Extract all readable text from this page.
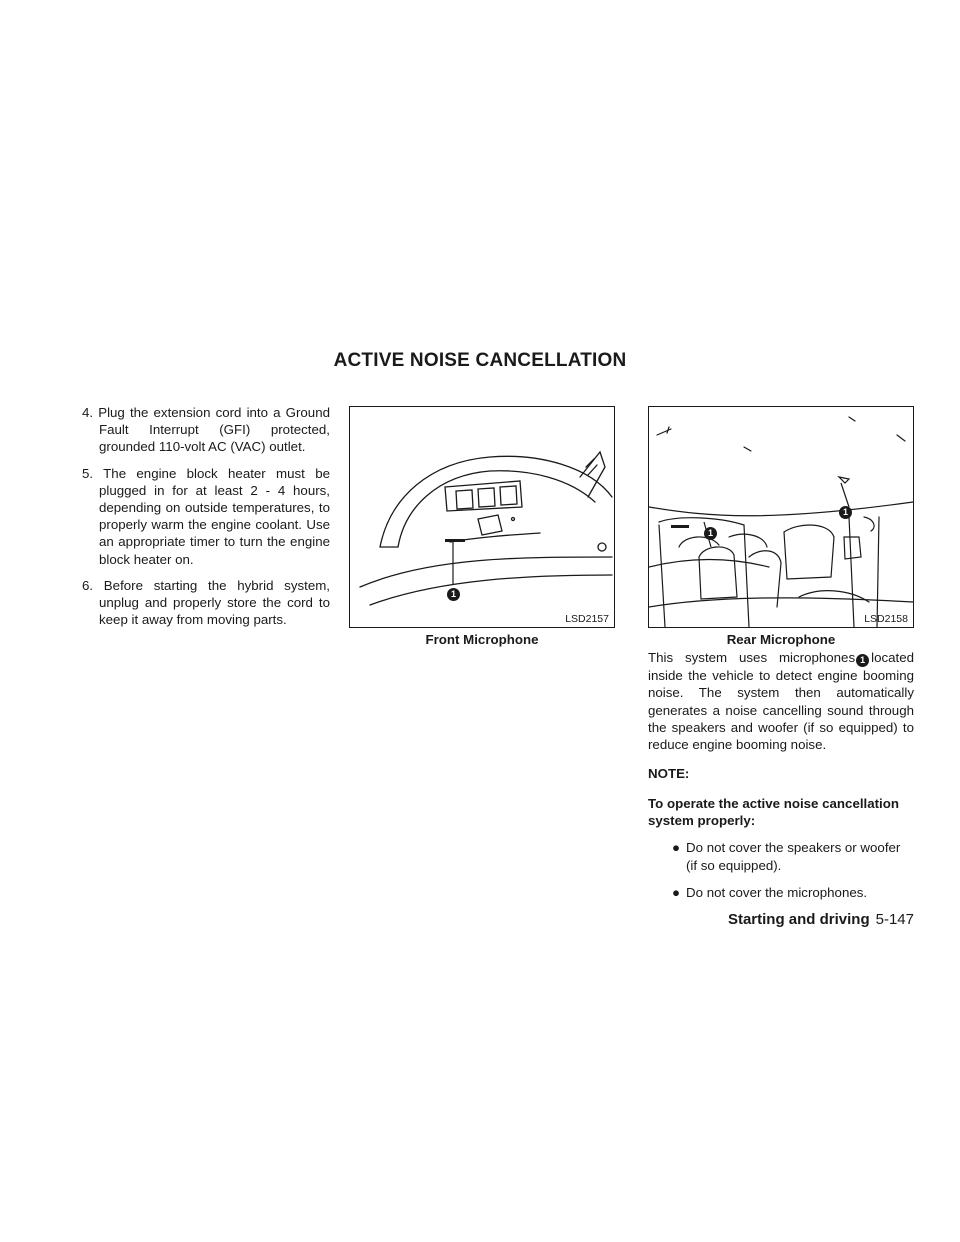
ACTIVE NOISE CANCELLATION

4. Plug the extension cord into a Ground Fault Interrupt (GFI) protected, grounded 110-volt AC (VAC) outlet.

5. The engine block heater must be plugged in for at least 2 - 4 hours, depending on outside temperatures, to properly warm the engine coolant. Use an appropriate timer to turn the engine block heater on.

6. Before starting the hybrid system, unplug and properly store the cord to keep it away from moving parts.

1
LSD2157
Front Microphone
1
1
LSD2158
Rear Microphone

This system uses microphones 1 located inside the vehicle to detect engine booming noise. The system then automatically generates a noise cancelling sound through the speakers and woofer (if so equipped) to reduce engine booming noise.

NOTE:

To operate the active noise cancellation system properly:

● Do not cover the speakers or woofer (if so equipped).

● Do not cover the microphones.

Starting and driving 5-147
